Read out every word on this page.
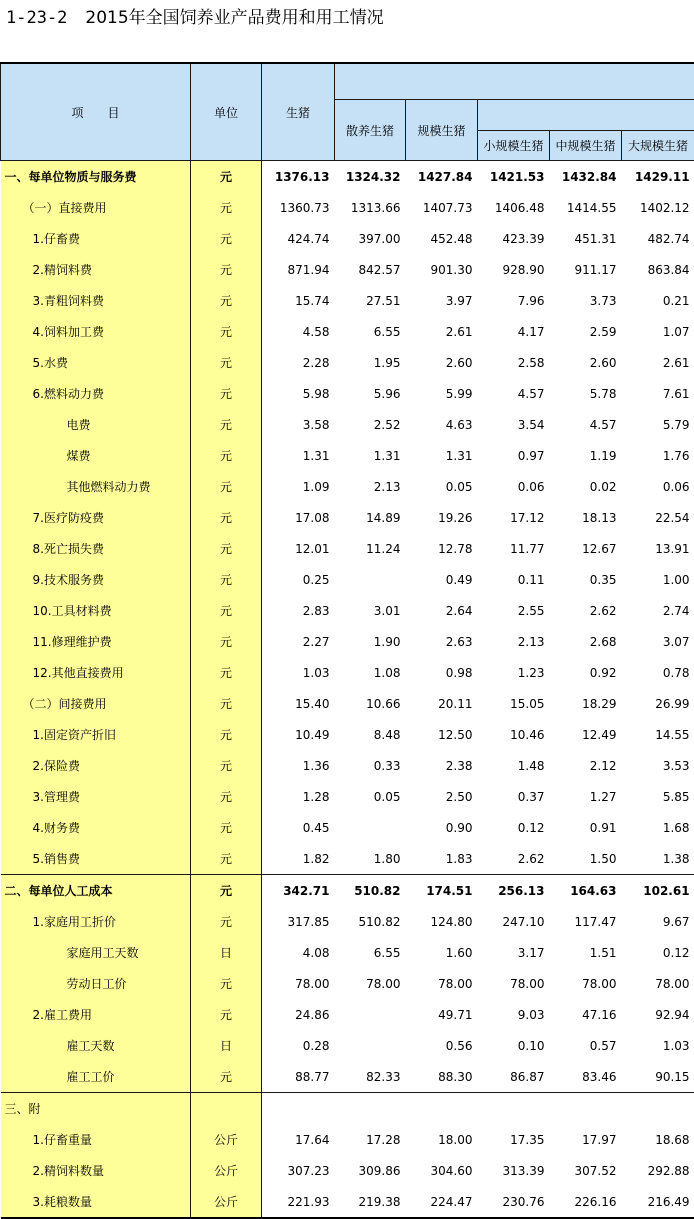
1-23-2 2015年全国饲养业产品费用和用工情况
项　　目	单位	生猪					
			散养生猪	规模生猪			
					小规模生猪	中规模生猪	大规模生猪
一、每单位物质与服务费	元	1376.13	1324.32	1427.84	1421.53	1432.84	1429.11
（一）直接费用	元	1360.73	1313.66	1407.73	1406.48	1414.55	1402.12
1.仔畜费	元	424.74	397.00	452.48	423.39	451.31	482.74
2.精饲料费	元	871.94	842.57	901.30	928.90	911.17	863.84
3.青粗饲料费	元	15.74	27.51	3.97	7.96	3.73	0.21
4.饲料加工费	元	4.58	6.55	2.61	4.17	2.59	1.07
5.水费	元	2.28	1.95	2.60	2.58	2.60	2.61
6.燃料动力费	元	5.98	5.96	5.99	4.57	5.78	7.61
电费	元	3.58	2.52	4.63	3.54	4.57	5.79
煤费	元	1.31	1.31	1.31	0.97	1.19	1.76
其他燃料动力费	元	1.09	2.13	0.05	0.06	0.02	0.06
7.医疗防疫费	元	17.08	14.89	19.26	17.12	18.13	22.54
8.死亡损失费	元	12.01	11.24	12.78	11.77	12.67	13.91
9.技术服务费	元	0.25		0.49	0.11	0.35	1.00
10.工具材料费	元	2.83	3.01	2.64	2.55	2.62	2.74
11.修理维护费	元	2.27	1.90	2.63	2.13	2.68	3.07
12.其他直接费用	元	1.03	1.08	0.98	1.23	0.92	0.78
（二）间接费用	元	15.40	10.66	20.11	15.05	18.29	26.99
1.固定资产折旧	元	10.49	8.48	12.50	10.46	12.49	14.55
2.保险费	元	1.36	0.33	2.38	1.48	2.12	3.53
3.管理费	元	1.28	0.05	2.50	0.37	1.27	5.85
4.财务费	元	0.45		0.90	0.12	0.91	1.68
5.销售费	元	1.82	1.80	1.83	2.62	1.50	1.38
二、每单位人工成本	元	342.71	510.82	174.51	256.13	164.63	102.61
1.家庭用工折价	元	317.85	510.82	124.80	247.10	117.47	9.67
家庭用工天数	日	4.08	6.55	1.60	3.17	1.51	0.12
劳动日工价	元	78.00	78.00	78.00	78.00	78.00	78.00
2.雇工费用	元	24.86		49.71	9.03	47.16	92.94
雇工天数	日	0.28		0.56	0.10	0.57	1.03
雇工工价	元	88.77	82.33	88.30	86.87	83.46	90.15
三、附							
1.仔畜重量	公斤	17.64	17.28	18.00	17.35	17.97	18.68
2.精饲料数量	公斤	307.23	309.86	304.60	313.39	307.52	292.88
3.耗粮数量	公斤	221.93	219.38	224.47	230.76	226.16	216.49
